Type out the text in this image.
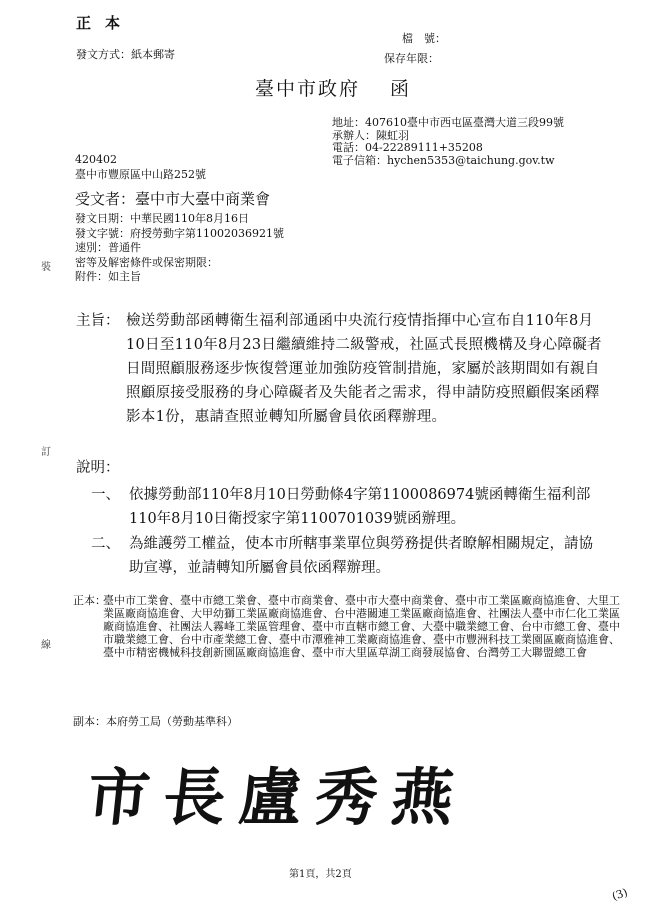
正本
檔　號：
保存年限：
發文方式：紙本郵寄
臺中市政府 函
地址：407610臺中市西屯區臺灣大道三段99號
承辦人：陳虹羽
電話：04-22289111+35208
電子信箱：hychen5353@taichung.gov.tw
420402
臺中市豐原區中山路252號
受文者：臺中市大臺中商業會
發文日期：中華民國110年8月16日
發文字號：府授勞動字第11002036921號
速別：普通件
密等及解密條件或保密期限：
附件：如主旨
裝
訂
線
主旨： 檢送勞動部函轉衛生福利部通函中央流行疫情指揮中心宣布自110年8月10日至110年8月23日繼續維持二級警戒，社區式長照機構及身心障礙者日間照顧服務逐步恢復營運並加強防疫管制措施，家屬於該期間如有親自照顧原接受服務的身心障礙者及失能者之需求，得申請防疫照顧假案函釋影本1份，惠請查照並轉知所屬會員依函釋辦理。
說明：
一、 依據勞動部110年8月10日勞動條4字第1100086974號函轉衛生福利部110年8月10日衛授家字第1100701039號函辦理。
二、 為維護勞工權益，使本市所轄事業單位與勞務提供者瞭解相關規定，請協助宣導，並請轉知所屬會員依函釋辦理。
正本：
臺中市工業會、臺中市總工業會、臺中市商業會、臺中市大臺中商業會、臺中市工業區廠商協進會、大里工業區廠商協進會、大甲幼獅工業區廠商協進會、台中港關連工業區廠商協進會、社團法人臺中市仁化工業區廠商協進會、社團法人霧峰工業區管理會、臺中市直轄市總工會、大臺中職業總工會、台中市總工會、臺中市職業總工會、台中市產業總工會、臺中市潭雅神工業廠商協進會、臺中市豐洲科技工業園區廠商協進會、臺中市精密機械科技創新園區廠商協進會、臺中市大里區草湖工商發展協會、台灣勞工大聯盟總工會
副本：本府勞工局（勞動基準科）
市長盧秀燕
第1頁，共2頁
(3)
